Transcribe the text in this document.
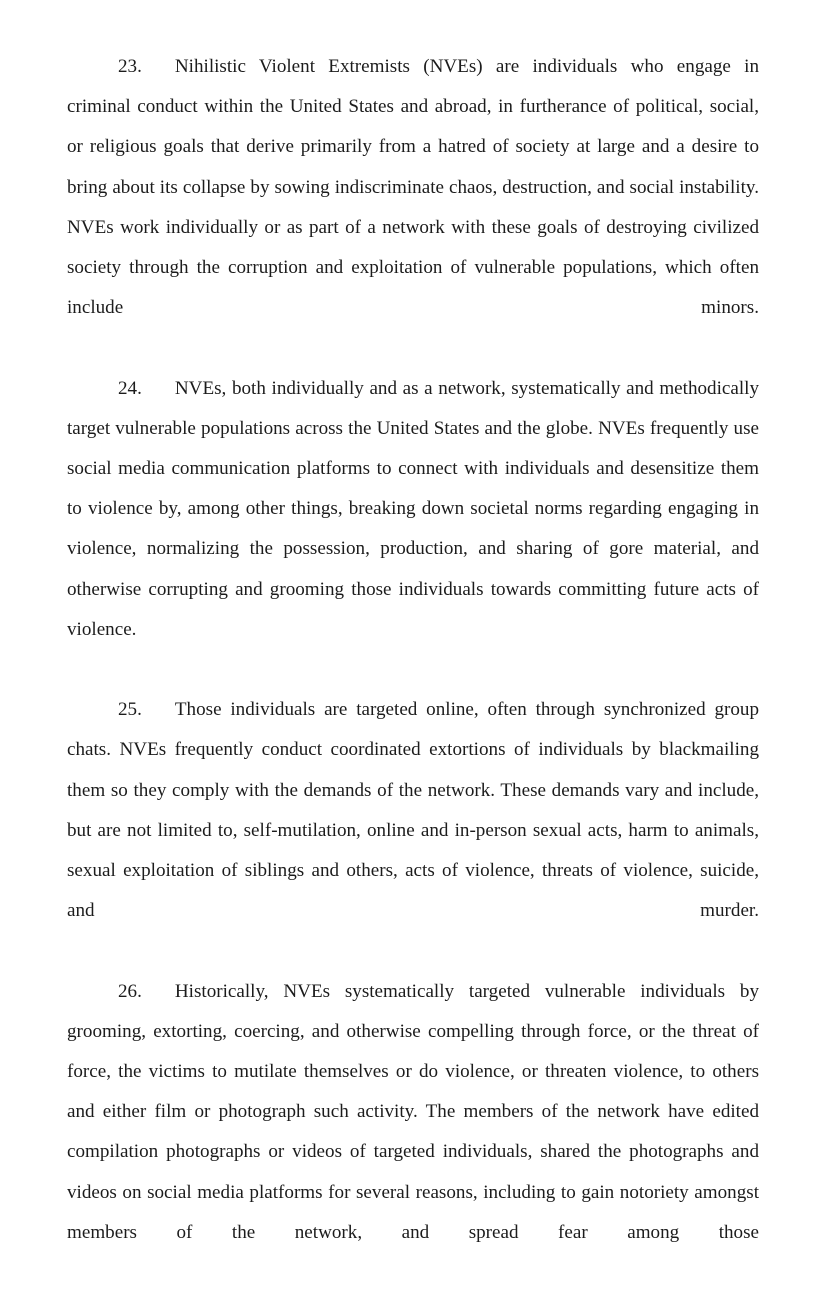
23. Nihilistic Violent Extremists (NVEs) are individuals who engage in criminal conduct within the United States and abroad, in furtherance of political, social, or religious goals that derive primarily from a hatred of society at large and a desire to bring about its collapse by sowing indiscriminate chaos, destruction, and social instability. NVEs work individually or as part of a network with these goals of destroying civilized society through the corruption and exploitation of vulnerable populations, which often include minors.

24. NVEs, both individually and as a network, systematically and methodically target vulnerable populations across the United States and the globe. NVEs frequently use social media communication platforms to connect with individuals and desensitize them to violence by, among other things, breaking down societal norms regarding engaging in violence, normalizing the possession, production, and sharing of gore material, and otherwise corrupting and grooming those individuals towards committing future acts of violence.

25. Those individuals are targeted online, often through synchronized group chats. NVEs frequently conduct coordinated extortions of individuals by blackmailing them so they comply with the demands of the network. These demands vary and include, but are not limited to, self-mutilation, online and in-person sexual acts, harm to animals, sexual exploitation of siblings and others, acts of violence, threats of violence, suicide, and murder.

26. Historically, NVEs systematically targeted vulnerable individuals by grooming, extorting, coercing, and otherwise compelling through force, or the threat of force, the victims to mutilate themselves or do violence, or threaten violence, to others and either film or photograph such activity. The members of the network have edited compilation photographs or videos of targeted individuals, shared the photographs and videos on social media platforms for several reasons, including to gain notoriety amongst members of the network, and spread fear among those
